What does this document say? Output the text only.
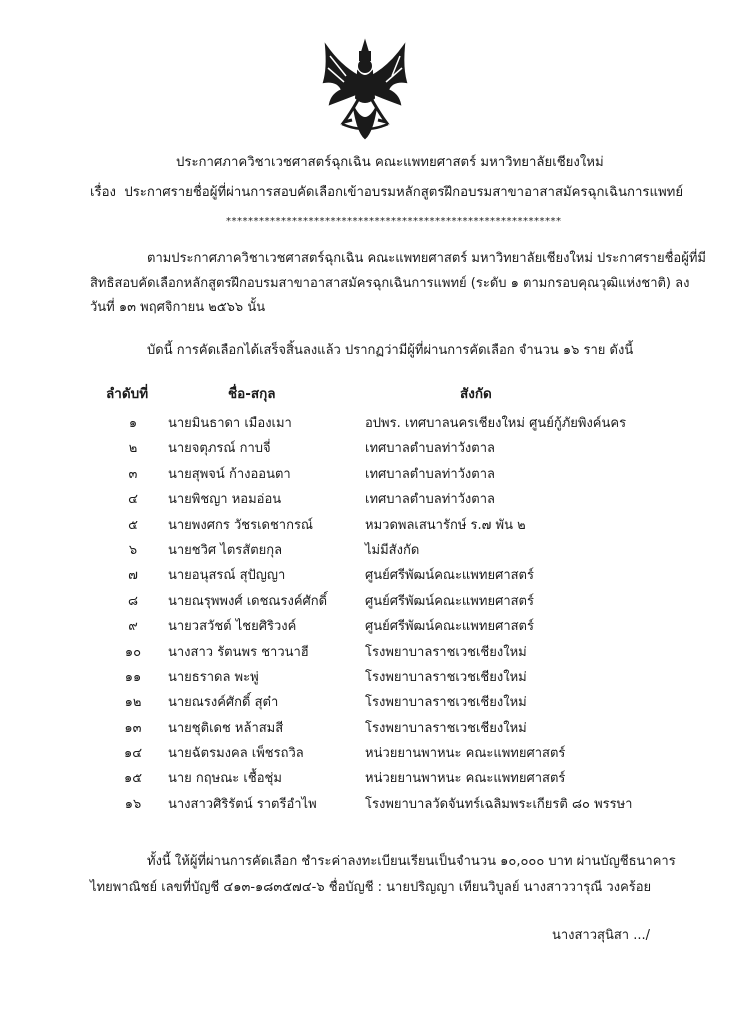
ประกาศภาควิชาเวชศาสตร์ฉุกเฉิน คณะแพทยศาสตร์ มหาวิทยาลัยเชียงใหม่
เรื่อง ประกาศรายชื่อผู้ที่ผ่านการสอบคัดเลือกเข้าอบรมหลักสูตรฝึกอบรมสาขาอาสาสมัครฉุกเฉินการแพทย์
*************************************************************
ตามประกาศภาควิชาเวชศาสตร์ฉุกเฉิน คณะแพทยศาสตร์ มหาวิทยาลัยเชียงใหม่ ประกาศรายชื่อผู้ที่มี
สิทธิสอบคัดเลือกหลักสูตรฝึกอบรมสาขาอาสาสมัครฉุกเฉินการแพทย์ (ระดับ ๑ ตามกรอบคุณวุฒิแห่งชาติ) ลง
วันที่ ๑๓ พฤศจิกายน ๒๕๖๖ นั้น
บัดนี้ การคัดเลือกได้เสร็จสิ้นลงแล้ว ปรากฏว่ามีผู้ที่ผ่านการคัดเลือก จำนวน ๑๖ ราย ดังนี้
ลำดับที่	ชื่อ-สกุล	สังกัด
๑	นายมินธาดา เมืองเมา	อปพร. เทศบาลนครเชียงใหม่ ศูนย์กู้ภัยพิงค์นคร
๒	นายจตุภรณ์ กาบจี่	เทศบาลตำบลท่าวังตาล
๓	นายสุพจน์ ก้างออนตา	เทศบาลตำบลท่าวังตาล
๔	นายพิชญา หอมอ่อน	เทศบาลตำบลท่าวังตาล
๕	นายพงศกร วัชรเดชากรณ์	หมวดพลเสนารักษ์ ร.๗ พัน ๒
๖	นายชวิศ ไตรสัตยกุล	ไม่มีสังกัด
๗	นายอนุสรณ์ สุปัญญา	ศูนย์ศรีพัฒน์คณะแพทยศาสตร์
๘	นายณรุพพงศ์ เดชณรงค์ศักดิ์	ศูนย์ศรีพัฒน์คณะแพทยศาสตร์
๙	นายวสวัชต์ ไชยศิริวงค์	ศูนย์ศรีพัฒน์คณะแพทยศาสตร์
๑๐	นางสาว รัตนพร ชาวนาฮี	โรงพยาบาลราชเวชเชียงใหม่
๑๑	นายธราดล พะพู่	โรงพยาบาลราชเวชเชียงใหม่
๑๒	นายณรงค์ศักดิ์ สุต๋า	โรงพยาบาลราชเวชเชียงใหม่
๑๓	นายชุติเดช หล้าสมสี	โรงพยาบาลราชเวชเชียงใหม่
๑๔	นายฉัตรมงคล เพ็ชรถวิล	หน่วยยานพาหนะ คณะแพทยศาสตร์
๑๕	นาย กฤษณะ เชื้อชุ่ม	หน่วยยานพาหนะ คณะแพทยศาสตร์
๑๖	นางสาวศิริรัตน์ ราตรีอำไพ	โรงพยาบาลวัดจันทร์เฉลิมพระเกียรติ ๘๐ พรรษา
ทั้งนี้ ให้ผู้ที่ผ่านการคัดเลือก ชำระค่าลงทะเบียนเรียนเป็นจำนวน ๑๐,๐๐๐ บาท ผ่านบัญชีธนาคาร
ไทยพาณิชย์ เลขที่บัญชี ๔๑๓-๑๘๓๕๗๔-๖ ชื่อบัญชี : นายปริญญา เทียนวิบูลย์ นางสาววารุณี วงคร้อย
นางสาวสุนิสา .../
